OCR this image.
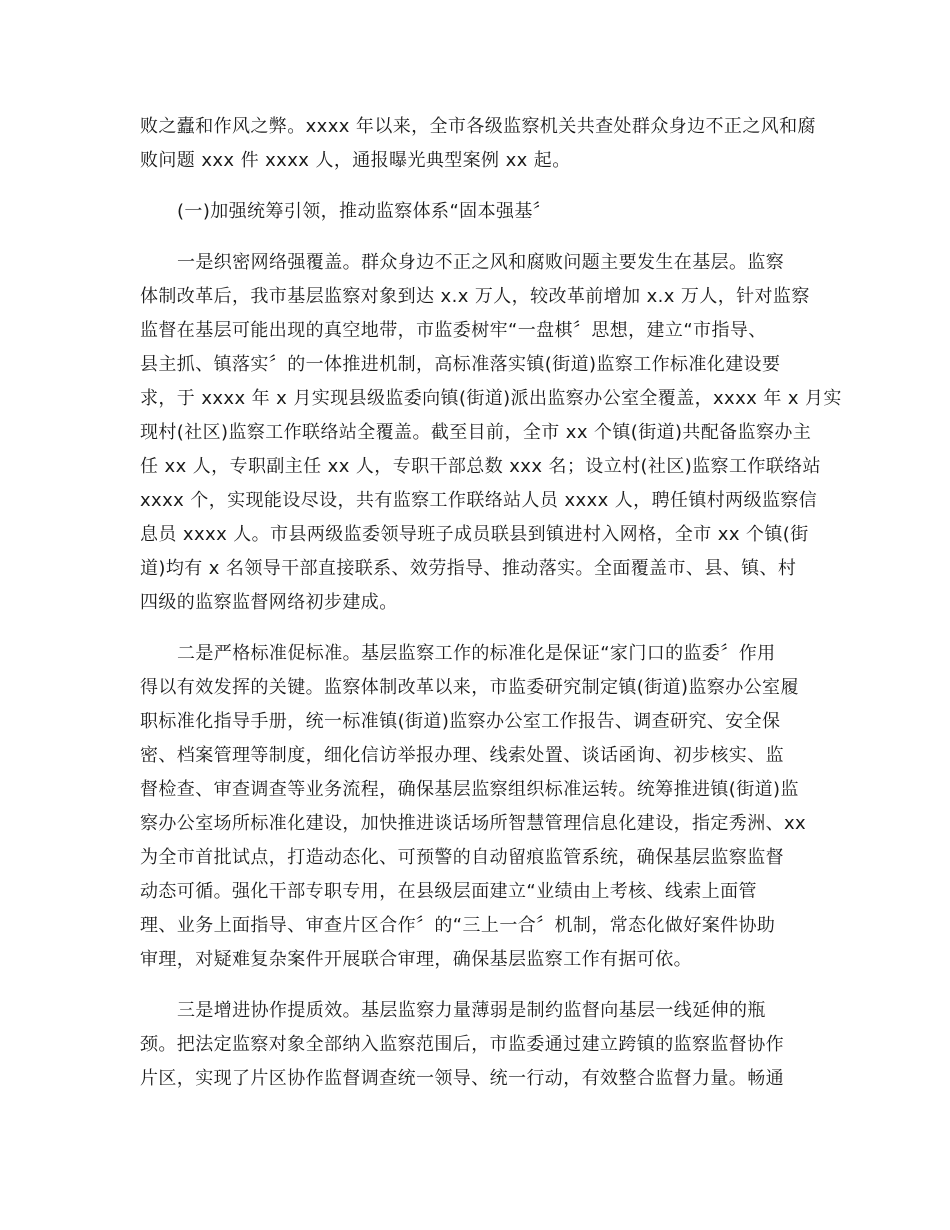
败之蠹和作风之弊。xxxx 年以来，全市各级监察机关共查处群众身边不正之风和腐
败问题 xxx 件 xxxx 人，通报曝光典型案例 xx 起。
(一)加强统筹引领，推动监察体系“固本强基〞
一是织密网络强覆盖。群众身边不正之风和腐败问题主要发生在基层。监察
体制改革后，我市基层监察对象到达 x.x 万人，较改革前增加 x.x 万人，针对监察
监督在基层可能出现的真空地带，市监委树牢“一盘棋〞思想，建立“市指导、
县主抓、镇落实〞的一体推进机制，高标准落实镇(街道)监察工作标准化建设要
求，于 xxxx 年 x 月实现县级监委向镇(街道)派出监察办公室全覆盖，xxxx 年 x 月实
现村(社区)监察工作联络站全覆盖。截至目前，全市 xx 个镇(街道)共配备监察办主
任 xx 人，专职副主任 xx 人，专职干部总数 xxx 名；设立村(社区)监察工作联络站
xxxx 个，实现能设尽设，共有监察工作联络站人员 xxxx 人，聘任镇村两级监察信
息员 xxxx 人。市县两级监委领导班子成员联县到镇进村入网格，全市 xx 个镇(街
道)均有 x 名领导干部直接联系、效劳指导、推动落实。全面覆盖市、县、镇、村
四级的监察监督网络初步建成。
二是严格标准促标准。基层监察工作的标准化是保证“家门口的监委〞作用
得以有效发挥的关键。监察体制改革以来，市监委研究制定镇(街道)监察办公室履
职标准化指导手册，统一标准镇(街道)监察办公室工作报告、调查研究、安全保
密、档案管理等制度，细化信访举报办理、线索处置、谈话函询、初步核实、监
督检查、审查调查等业务流程，确保基层监察组织标准运转。统筹推进镇(街道)监
察办公室场所标准化建设，加快推进谈话场所智慧管理信息化建设，指定秀洲、xx
为全市首批试点，打造动态化、可预警的自动留痕监管系统，确保基层监察监督
动态可循。强化干部专职专用，在县级层面建立“业绩由上考核、线索上面管
理、业务上面指导、审查片区合作〞的“三上一合〞机制，常态化做好案件协助
审理，对疑难复杂案件开展联合审理，确保基层监察工作有据可依。
三是增进协作提质效。基层监察力量薄弱是制约监督向基层一线延伸的瓶
颈。把法定监察对象全部纳入监察范围后，市监委通过建立跨镇的监察监督协作
片区，实现了片区协作监督调查统一领导、统一行动，有效整合监督力量。畅通
